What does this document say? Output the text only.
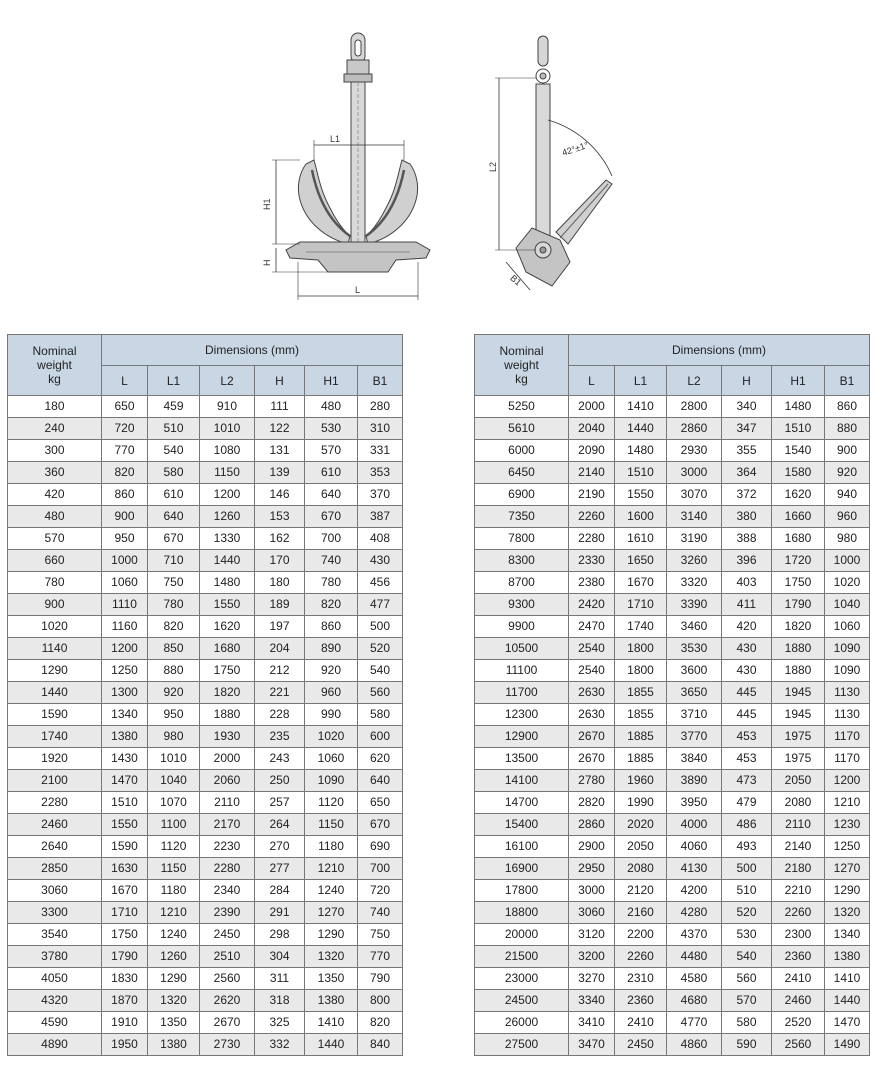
L1
H1
H
L
L2
42°±1°
B1
Nominal
weight
kg	Dimensions (mm)					
	L	L1	L2	H	H1	B1
180	650	459	910	111	480	280
240	720	510	1010	122	530	310
300	770	540	1080	131	570	331
360	820	580	1150	139	610	353
420	860	610	1200	146	640	370
480	900	640	1260	153	670	387
570	950	670	1330	162	700	408
660	1000	710	1440	170	740	430
780	1060	750	1480	180	780	456
900	1110	780	1550	189	820	477
1020	1160	820	1620	197	860	500
1140	1200	850	1680	204	890	520
1290	1250	880	1750	212	920	540
1440	1300	920	1820	221	960	560
1590	1340	950	1880	228	990	580
1740	1380	980	1930	235	1020	600
1920	1430	1010	2000	243	1060	620
2100	1470	1040	2060	250	1090	640
2280	1510	1070	2110	257	1120	650
2460	1550	1100	2170	264	1150	670
2640	1590	1120	2230	270	1180	690
2850	1630	1150	2280	277	1210	700
3060	1670	1180	2340	284	1240	720
3300	1710	1210	2390	291	1270	740
3540	1750	1240	2450	298	1290	750
3780	1790	1260	2510	304	1320	770
4050	1830	1290	2560	311	1350	790
4320	1870	1320	2620	318	1380	800
4590	1910	1350	2670	325	1410	820
4890	1950	1380	2730	332	1440	840
Nominal
weight
kg	Dimensions (mm)					
	L	L1	L2	H	H1	B1
5250	2000	1410	2800	340	1480	860
5610	2040	1440	2860	347	1510	880
6000	2090	1480	2930	355	1540	900
6450	2140	1510	3000	364	1580	920
6900	2190	1550	3070	372	1620	940
7350	2260	1600	3140	380	1660	960
7800	2280	1610	3190	388	1680	980
8300	2330	1650	3260	396	1720	1000
8700	2380	1670	3320	403	1750	1020
9300	2420	1710	3390	411	1790	1040
9900	2470	1740	3460	420	1820	1060
10500	2540	1800	3530	430	1880	1090
11100	2540	1800	3600	430	1880	1090
11700	2630	1855	3650	445	1945	1130
12300	2630	1855	3710	445	1945	1130
12900	2670	1885	3770	453	1975	1170
13500	2670	1885	3840	453	1975	1170
14100	2780	1960	3890	473	2050	1200
14700	2820	1990	3950	479	2080	1210
15400	2860	2020	4000	486	2110	1230
16100	2900	2050	4060	493	2140	1250
16900	2950	2080	4130	500	2180	1270
17800	3000	2120	4200	510	2210	1290
18800	3060	2160	4280	520	2260	1320
20000	3120	2200	4370	530	2300	1340
21500	3200	2260	4480	540	2360	1380
23000	3270	2310	4580	560	2410	1410
24500	3340	2360	4680	570	2460	1440
26000	3410	2410	4770	580	2520	1470
27500	3470	2450	4860	590	2560	1490
